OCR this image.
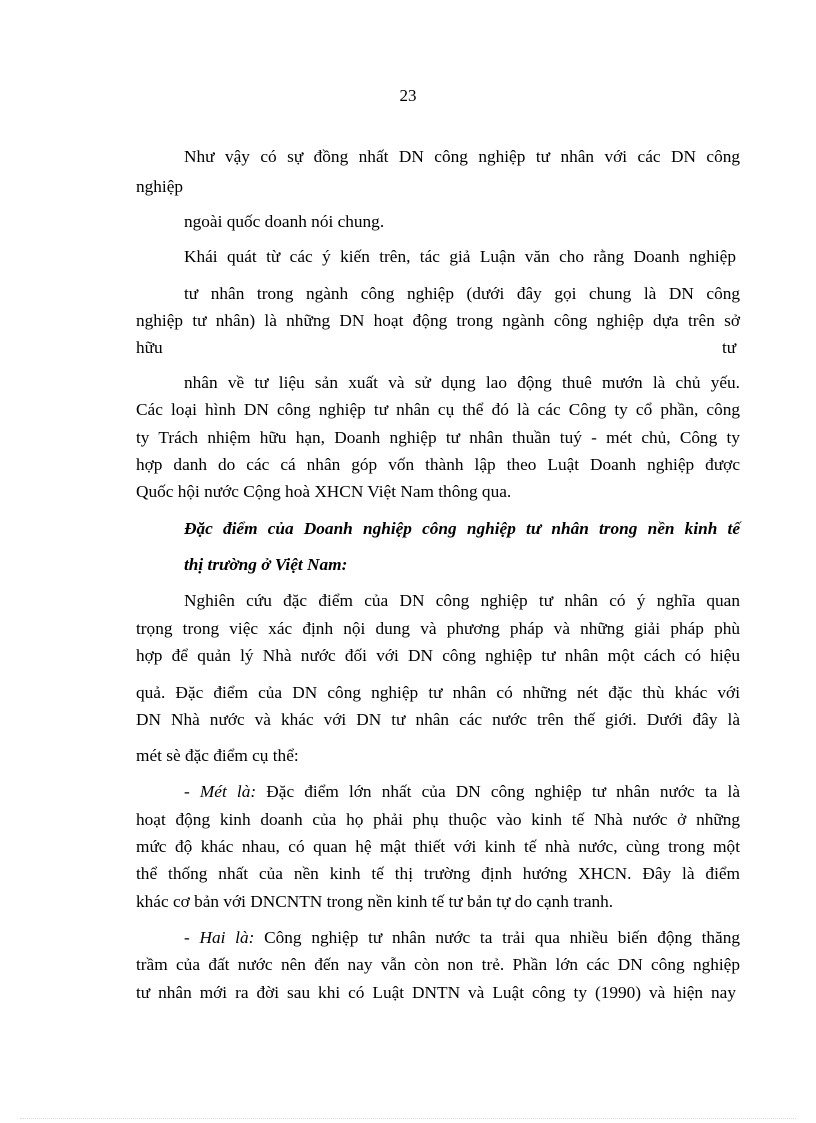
23
Như vậy có sự đồng nhất DN công nghiệp tư nhân với các DN công
nghiệp
ngoài quốc doanh nói chung.
Khái quát từ các ý kiến trên, tác giả Luận văn cho rằng Doanh nghiệp
tư nhân trong ngành công nghiệp (dưới đây gọi chung là DN công
nghiệp tư nhân) là những DN hoạt động trong ngành công nghiệp dựa trên sở
hữu	tư
nhân về tư liệu sản xuất và sử dụng lao động thuê mướn là chủ yếu.
Các loại hình DN công nghiệp tư nhân cụ thể đó là các Công ty cổ phần, công
ty Trách nhiệm hữu hạn, Doanh nghiệp tư nhân thuần tuý - mét chủ, Công ty
hợp danh do các cá nhân góp vốn thành lập theo Luật Doanh nghiệp được
Quốc hội nước Cộng hoà XHCN Việt Nam thông qua.
Đặc điểm của Doanh nghiệp công nghiệp tư nhân trong nền kinh tế
thị trường ở Việt Nam:
Nghiên cứu đặc điểm của DN công nghiệp tư nhân có ý nghĩa quan
trọng trong việc xác định nội dung và phương pháp và những giải pháp phù
hợp để quản lý Nhà nước đối với DN công nghiệp tư nhân một cách có hiệu
quả. Đặc điểm của DN công nghiệp tư nhân có những nét đặc thù khác với
DN Nhà nước và khác với DN tư nhân các nước trên thế giới. Dưới đây là
mét sè đặc điểm cụ thể:
- Mét là: Đặc điểm lớn nhất của DN công nghiệp tư nhân nước ta là
hoạt động kinh doanh của họ phải phụ thuộc vào kinh tế Nhà nước ở những
mức độ khác nhau, có quan hệ mật thiết với kinh tế nhà nước, cùng trong một
thể thống nhất của nền kinh tế thị trường định hướng XHCN. Đây là điểm
khác cơ bản với DNCNTN trong nền kinh tế tư bản tự do cạnh tranh.
- Hai là: Công nghiệp tư nhân nước ta trải qua nhiều biến động thăng
trầm của đất nước nên đến nay vẫn còn non trẻ. Phần lớn các DN công nghiệp
tư nhân mới ra đời sau khi có Luật DNTN và Luật công ty (1990) và hiện nay
